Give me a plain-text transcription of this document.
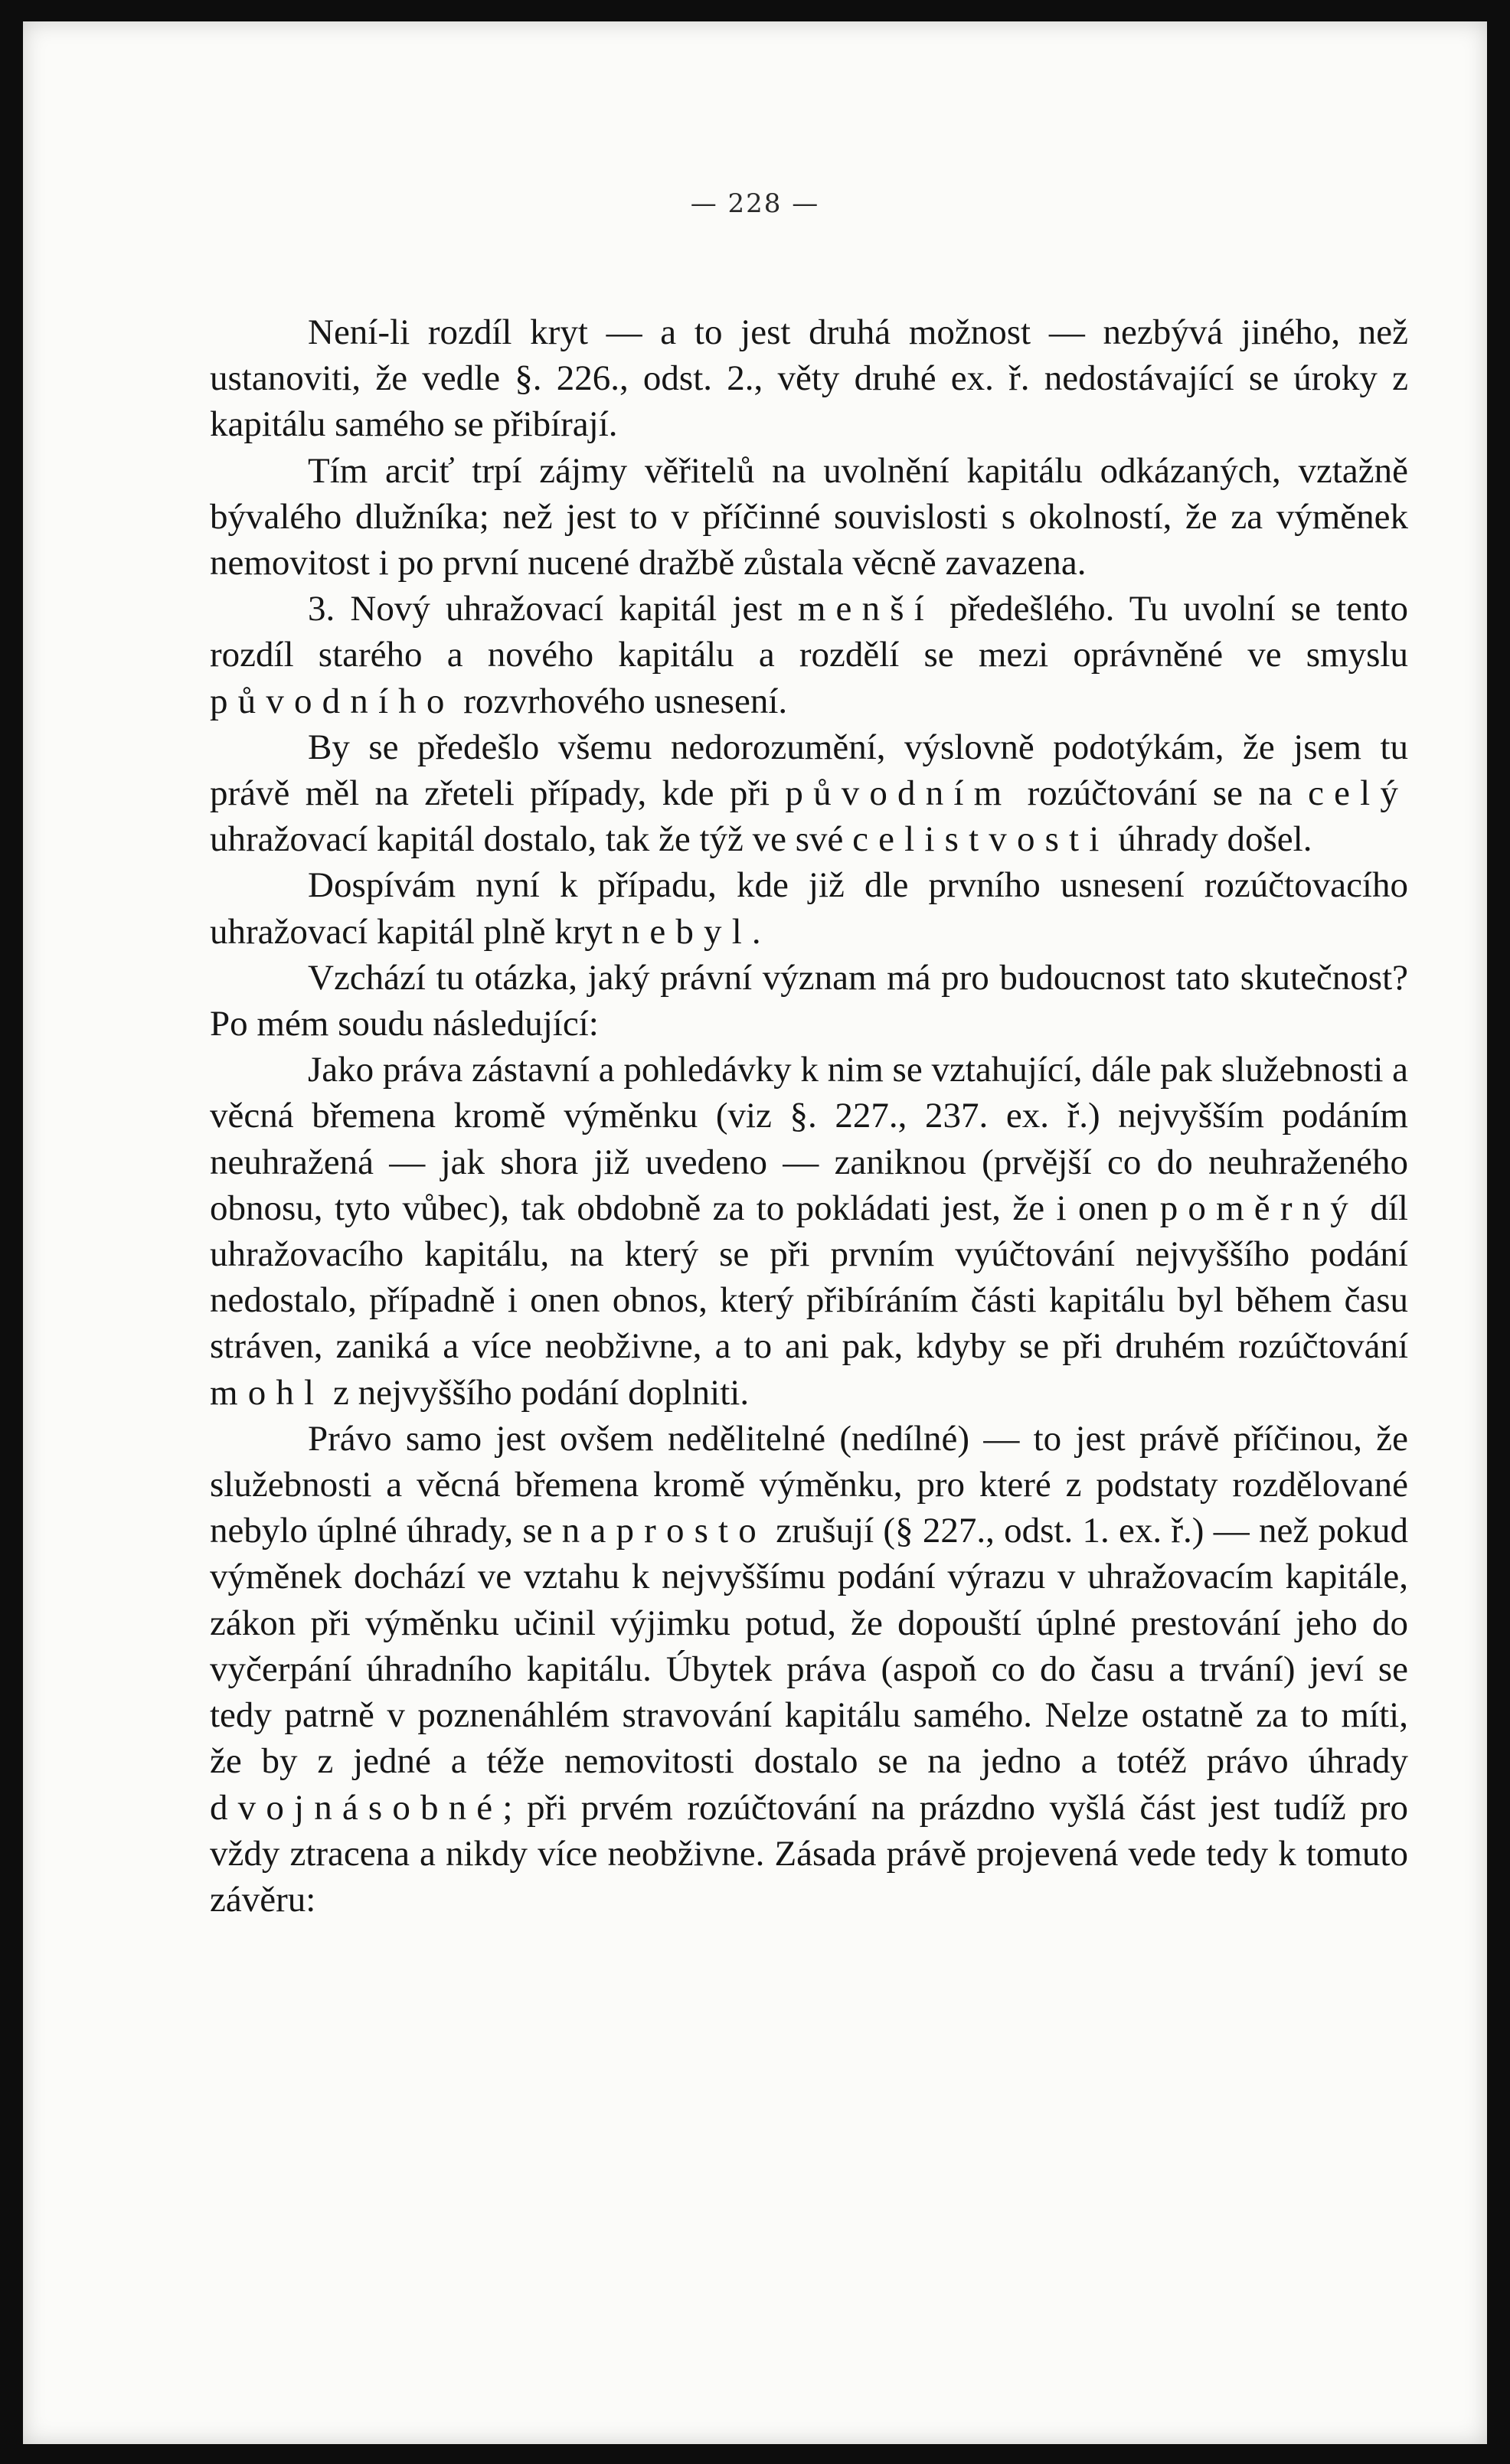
— 228 —

Není-li rozdíl kryt — a to jest druhá možnost — nezbývá jiného, než ustanoviti, že vedle §. 226., odst. 2., věty druhé ex. ř. nedostávající se úroky z kapitálu samého se přibírají.

Tím arciť trpí zájmy věřitelů na uvolnění kapitálu odkázaných, vztažně bývalého dlužníka; než jest to v příčinné souvislosti s okolností, že za výměnek nemovitost i po první nucené dražbě zůstala věcně zavazena.

3. Nový uhražovací kapitál jest menší předešlého. Tu uvolní se tento rozdíl starého a nového kapitálu a rozdělí se mezi oprávněné ve smyslu původního rozvrhového usnesení.

By se předešlo všemu nedorozumění, výslovně podotýkám, že jsem tu právě měl na zřeteli případy, kde při původním rozúčtování se na celý uhražovací kapitál dostalo, tak že týž ve své celistvosti úhrady došel.

Dospívám nyní k případu, kde již dle prvního usnesení rozúčtovacího uhražovací kapitál plně kryt nebyl.

Vzchází tu otázka, jaký právní význam má pro budoucnost tato skutečnost? Po mém soudu následující:

Jako práva zástavní a pohledávky k nim se vztahující, dále pak služebnosti a věcná břemena kromě výměnku (viz §. 227., 237. ex. ř.) nejvyšším podáním neuhražená — jak shora již uvedeno — zaniknou (prvější co do neuhraženého obnosu, tyto vůbec), tak obdobně za to pokládati jest, že i onen poměrný díl uhražovacího kapitálu, na který se při prvním vyúčtování nejvyššího podání nedostalo, případně i onen obnos, který přibíráním části kapitálu byl během času stráven, zaniká a více neobživne, a to ani pak, kdyby se při druhém rozúčtování mohl z nejvyššího podání doplniti.

Právo samo jest ovšem nedělitelné (nedílné) — to jest právě příčinou, že služebnosti a věcná břemena kromě výměnku, pro které z podstaty rozdělované nebylo úplné úhrady, se naprosto zrušují (§ 227., odst. 1. ex. ř.) — než pokud výměnek dochází ve vztahu k nejvyššímu podání výrazu v uhražovacím kapitále, zákon při výměnku učinil výjimku potud, že dopouští úplné prestování jeho do vyčerpání úhradního kapitálu. Úbytek práva (aspoň co do času a trvání) jeví se tedy patrně v poznenáhlém stravování kapitálu samého. Nelze ostatně za to míti, že by z jedné a téže nemovitosti dostalo se na jedno a totéž právo úhrady dvojnásobné; při prvém rozúčtování na prázdno vyšlá část jest tudíž pro vždy ztracena a nikdy více neobživne. Zásada právě projevená vede tedy k tomuto závěru:
